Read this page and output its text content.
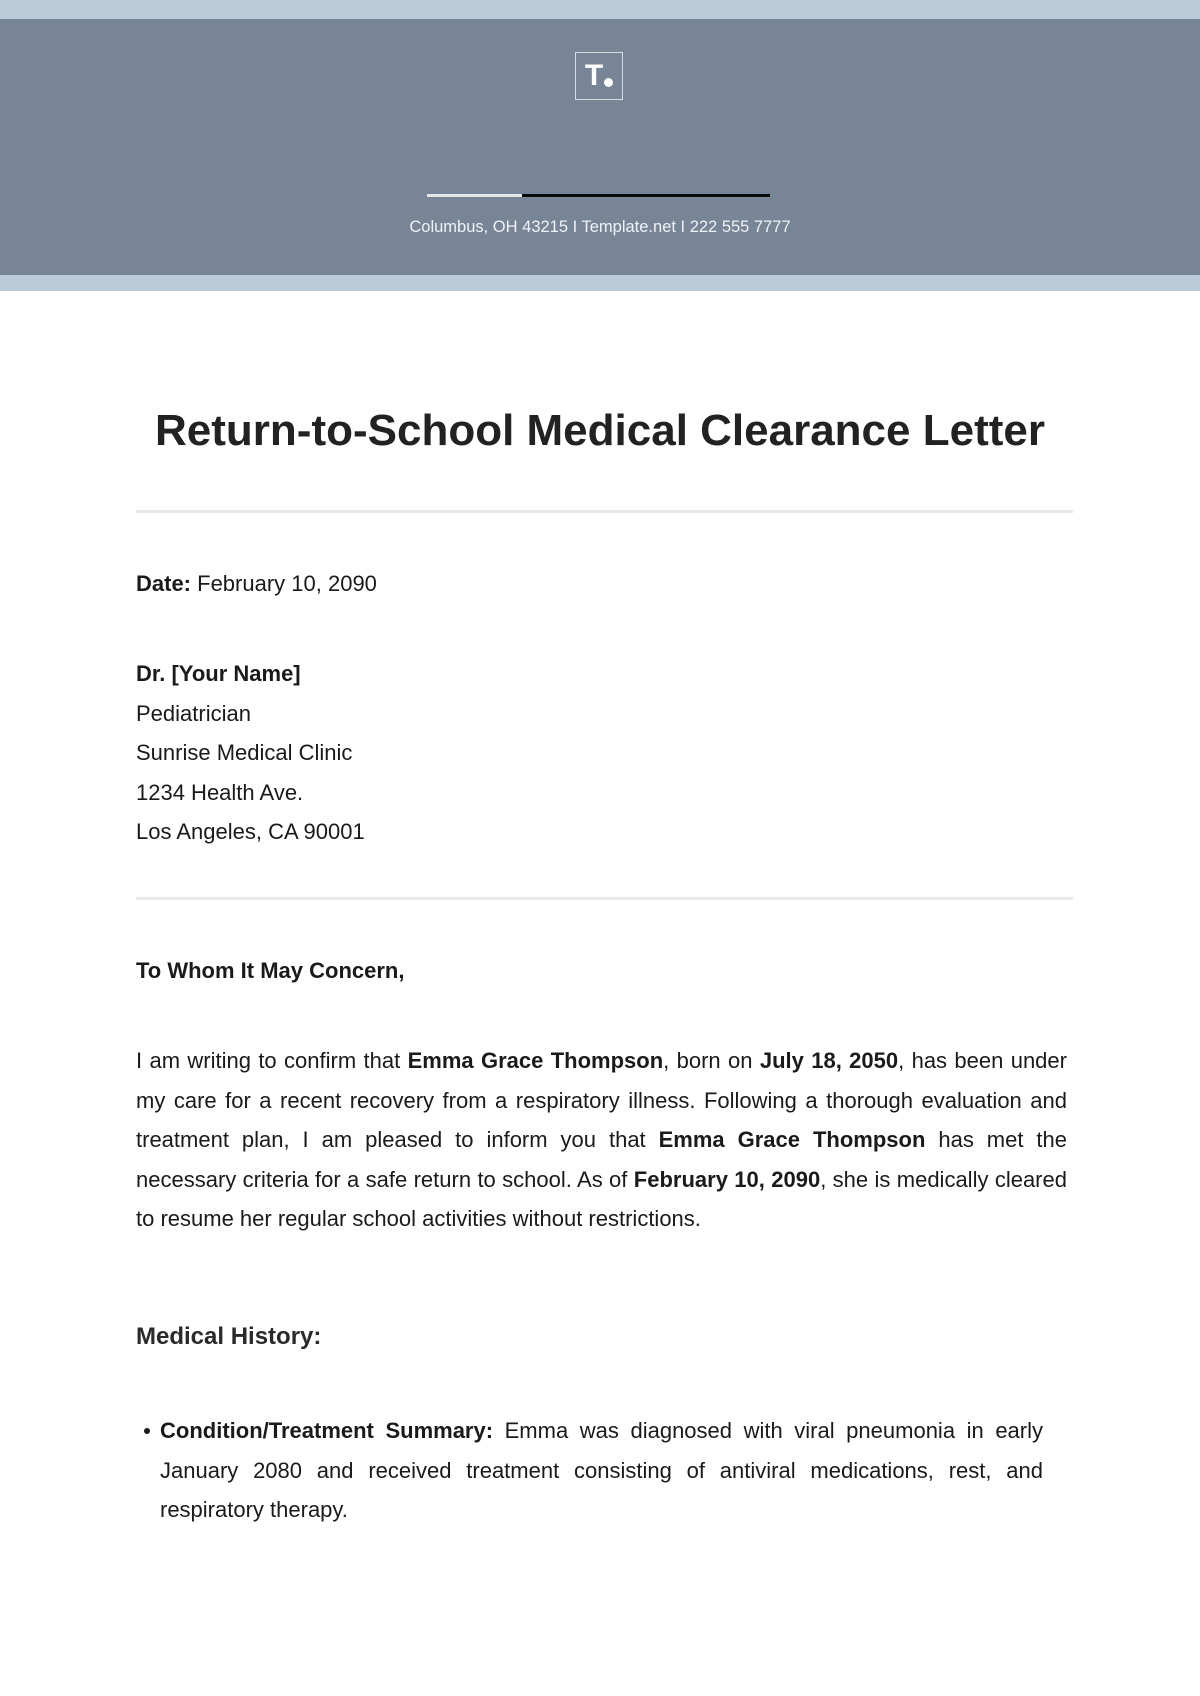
T
Columbus, OH 43215 I Template.net I 222 555 7777
Return-to-School Medical Clearance Letter
Date: February 10, 2090
Dr. [Your Name]
Pediatrician
Sunrise Medical Clinic
1234 Health Ave.
Los Angeles, CA 90001
To Whom It May Concern,
I am writing to confirm that Emma Grace Thompson, born on July 18, 2050, has been under my care for a recent recovery from a respiratory illness. Following a thorough evaluation and treatment plan, I am pleased to inform you that Emma Grace Thompson has met the necessary criteria for a safe return to school. As of February 10, 2090, she is medically cleared to resume her regular school activities without restrictions.
Medical History:
Condition/Treatment Summary: Emma was diagnosed with viral pneumonia in early January 2080 and received treatment consisting of antiviral medications, rest, and respiratory therapy.
